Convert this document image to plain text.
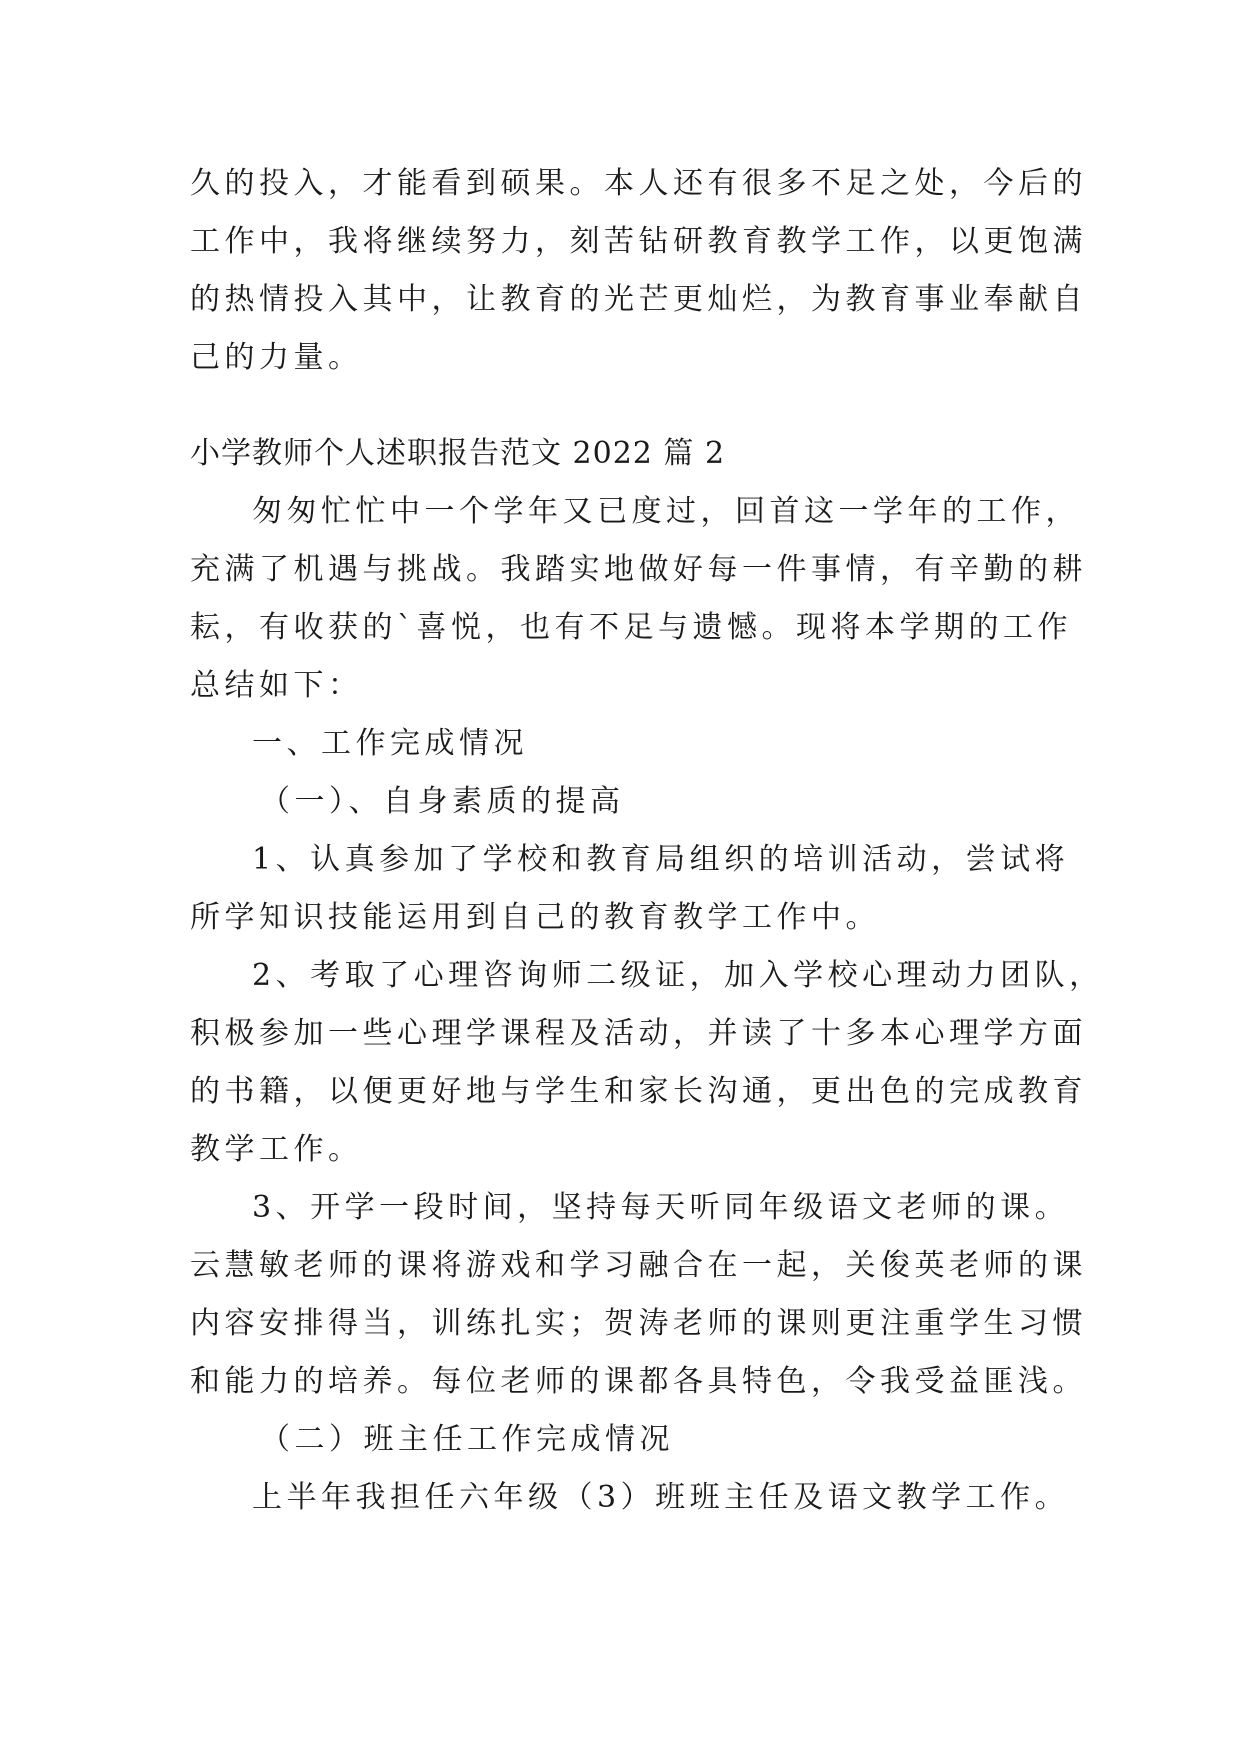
久的投入，才能看到硕果。本人还有很多不足之处，今后的
工作中，我将继续努力，刻苦钻研教育教学工作，以更饱满
的热情投入其中，让教育的光芒更灿烂，为教育事业奉献自
己的力量。
小学教师个人述职报告范文 2022 篇 2
匆匆忙忙中一个学年又已度过，回首这一学年的工作，
充满了机遇与挑战。我踏实地做好每一件事情，有辛勤的耕
耘，有收获的`喜悦，也有不足与遗憾。现将本学期的工作
总结如下：
一、工作完成情况
（一）、自身素质的提高
1、认真参加了学校和教育局组织的培训活动，尝试将
所学知识技能运用到自己的教育教学工作中。
2、考取了心理咨询师二级证，加入学校心理动力团队，
积极参加一些心理学课程及活动，并读了十多本心理学方面
的书籍，以便更好地与学生和家长沟通，更出色的完成教育
教学工作。
3、开学一段时间，坚持每天听同年级语文老师的课。
云慧敏老师的课将游戏和学习融合在一起，关俊英老师的课
内容安排得当，训练扎实；贺涛老师的课则更注重学生习惯
和能力的培养。每位老师的课都各具特色，令我受益匪浅。
（二）班主任工作完成情况
上半年我担任六年级（3）班班主任及语文教学工作。
